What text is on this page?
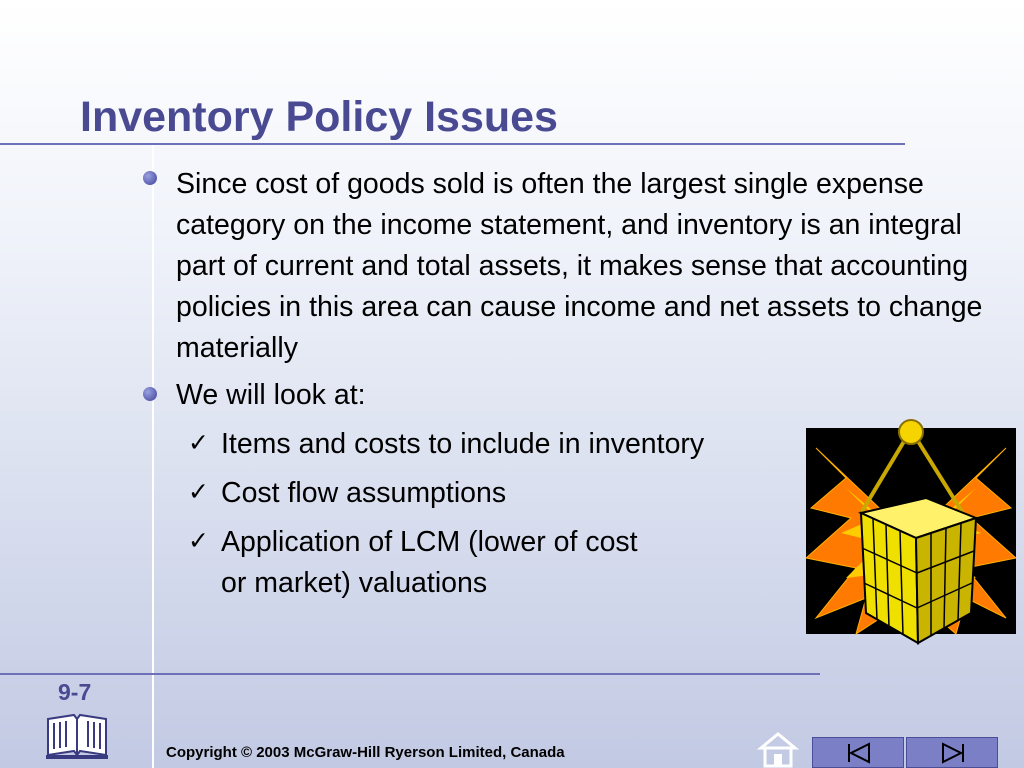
Inventory Policy Issues
Since cost of goods sold is often the largest single expense category on the income statement, and inventory is an integral part of current and total assets, it makes sense that accounting policies in this area can cause income and net assets to change materially
We will look at:
✓ Items and costs to include in inventory
✓ Cost flow assumptions
✓ Application of LCM (lower of cost or market) valuations
9-7
Copyright © 2003 McGraw-Hill Ryerson Limited, Canada
